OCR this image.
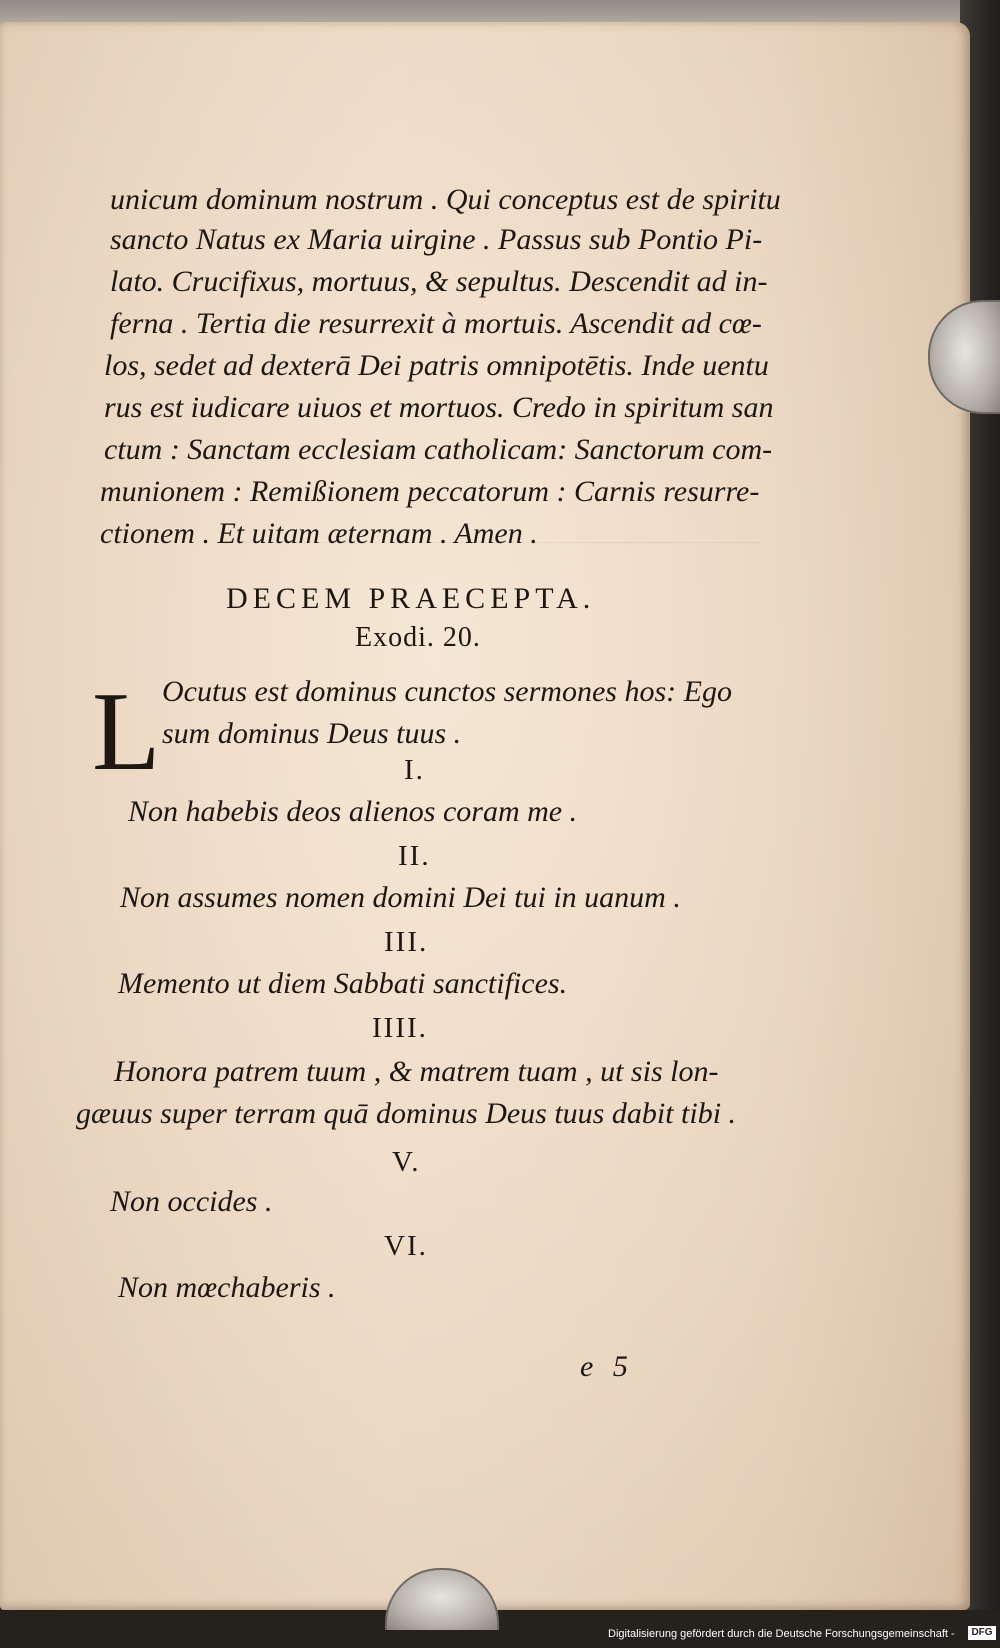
unicum dominum nostrum . Qui conceptus est de spiritu
sancto Natus ex Maria uirgine . Passus sub Pontio Pi-
lato. Crucifixus, mortuus, & sepultus. Descendit ad in-
ferna . Tertia die resurrexit à mortuis. Ascendit ad cœ-
los, sedet ad dexterā Dei patris omnipotētis. Inde uentu
rus est iudicare uiuos et mortuos. Credo in spiritum san
ctum : Sanctam ecclesiam catholicam: Sanctorum com-
munionem : Remißionem peccatorum : Carnis resurre-
ctionem . Et uitam æternam . Amen .
DECEM PRAECEPTA.
Exodi. 20.
L Ocutus est dominus cunctos sermones hos: Ego
sum dominus Deus tuus .
I.
Non habebis deos alienos coram me .
II.
Non assumes nomen domini Dei tui in uanum .
III.
Memento ut diem Sabbati sanctifices.
IIII.
Honora patrem tuum , & matrem tuam , ut sis lon-
gæuus super terram quā dominus Deus tuus dabit tibi .
V.
Non occides .
VI.
Non mœchaberis .
e 5
Digitalisierung gefördert durch die Deutsche Forschungsgemeinschaft -	DFG
